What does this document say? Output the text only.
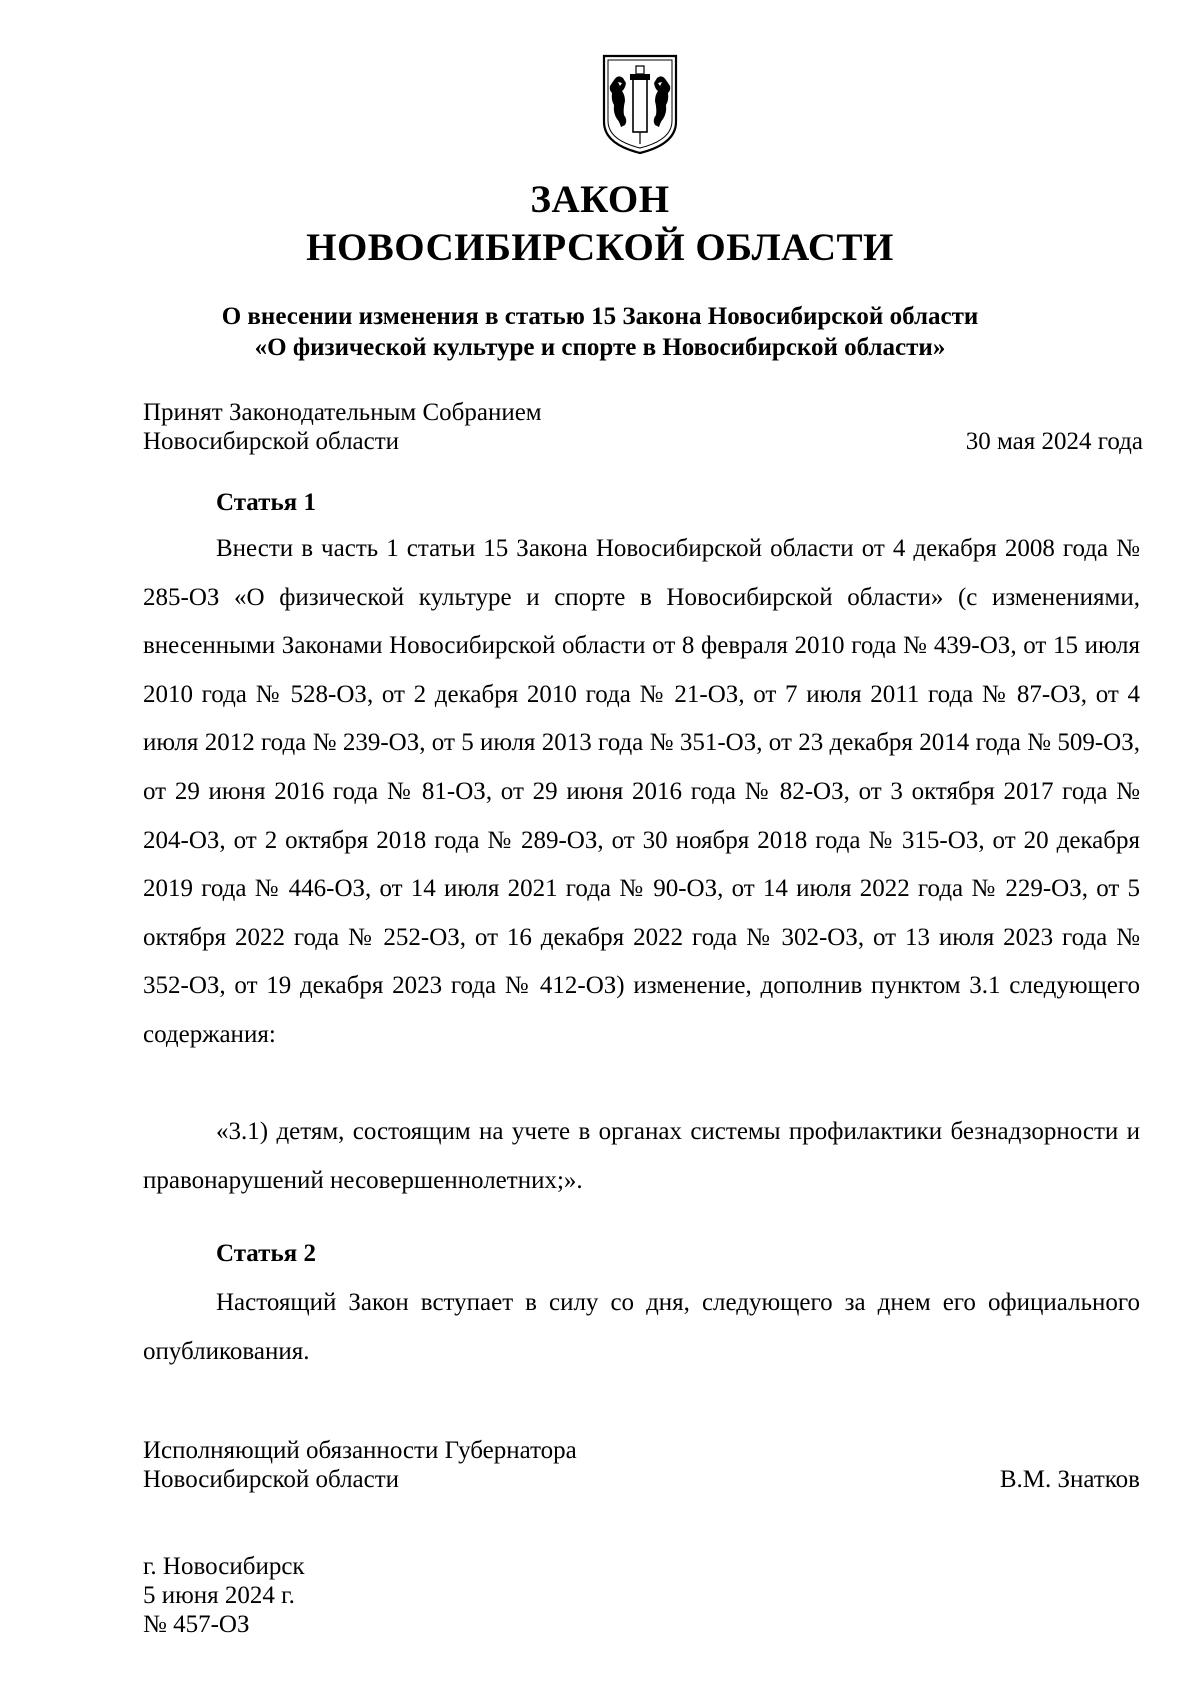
ЗАКОН
НОВОСИБИРСКОЙ ОБЛАСТИ
О внесении изменения в статью 15 Закона Новосибирской области
«О физической культуре и спорте в Новосибирской области»
Принят Законодательным Собранием
Новосибирской области	30 мая 2024 года
Статья 1

Внести в часть 1 статьи 15 Закона Новосибирской области от 4 декабря 2008 года № 285-ОЗ «О физической культуре и спорте в Новосибирской области» (с изменениями, внесенными Законами Новосибирской области от 8 февраля 2010 года № 439-ОЗ, от 15 июля 2010 года № 528-ОЗ, от 2 декабря 2010 года № 21-ОЗ, от 7 июля 2011 года № 87-ОЗ, от 4 июля 2012 года № 239-ОЗ, от 5 июля 2013 года № 351-ОЗ, от 23 декабря 2014 года № 509-ОЗ, от 29 июня 2016 года № 81-ОЗ, от 29 июня 2016 года № 82-ОЗ, от 3 октября 2017 года № 204-ОЗ, от 2 октября 2018 года № 289-ОЗ, от 30 ноября 2018 года № 315-ОЗ, от 20 декабря 2019 года № 446-ОЗ, от 14 июля 2021 года № 90-ОЗ, от 14 июля 2022 года № 229-ОЗ, от 5 октября 2022 года № 252-ОЗ, от 16 декабря 2022 года № 302-ОЗ, от 13 июля 2023 года № 352-ОЗ, от 19 декабря 2023 года № 412-ОЗ) изменение, дополнив пунктом 3.1 следующего содержания:

«3.1) детям, состоящим на учете в органах системы профилактики безнадзорности и правонарушений несовершеннолетних;».

Статья 2

Настоящий Закон вступает в силу со дня, следующего за днем его официального опубликования.

Исполняющий обязанности Губернатора
Новосибирской области	В.М. Знатков
г. Новосибирск
5 июня 2024 г.
№ 457-ОЗ
